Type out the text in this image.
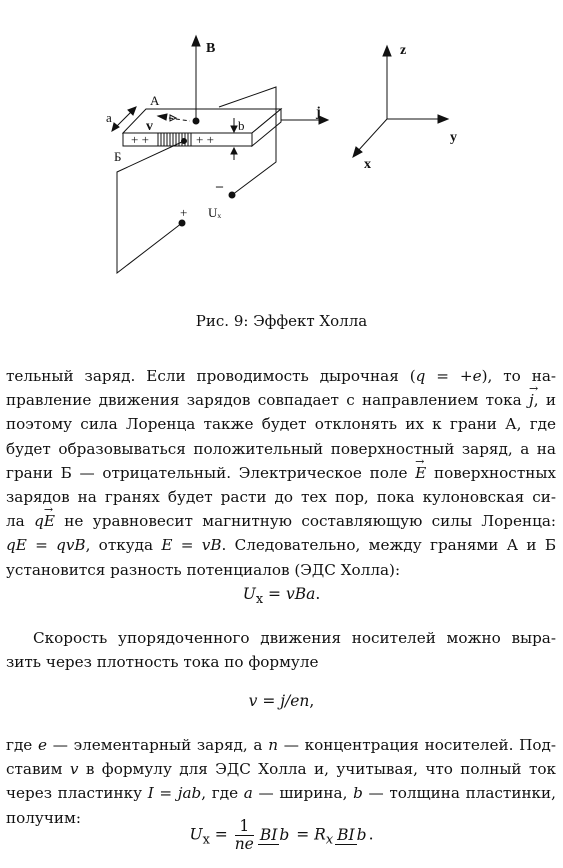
B
A
a
v	b
j
Б
+ +	+ +
–
+ Uₓ
z
y
x
Рис. 9: Эффект Холла
тельный заряд. Если проводимость дырочная (q = +e), то на-
правление движения зарядов совпадает с направлением тока → j, и
поэтому сила Лоренца также будет отклонять их к грани А, где
будет образовываться положительный поверхностный заряд, а на
грани Б — отрицательный. Электрическое поле → E поверхностных
зарядов на гранях будет расти до тех пор, пока кулоновская си-
ла q→ E не уравновесит магнитную составляющую силы Лоренца:
qE = qvB, откуда E = vB. Следовательно, между гранями А и Б
установится разность потенциалов (ЭДС Холла):
$U_x$ = vBa.
Скорость упорядоченного движения носителей можно выра-
зить через плотность тока по формуле
v = j/en,
где e — элементарный заряд, а n — концентрация носителей. Под-
ставим v в формулу для ЭДС Холла и, учитывая, что полный ток
через пластинку I = jab, где a — ширина, b — толщина пластинки,
получим:
$U_x = \frac{1}{ne}$ BI $b = R_x$ BI b .
